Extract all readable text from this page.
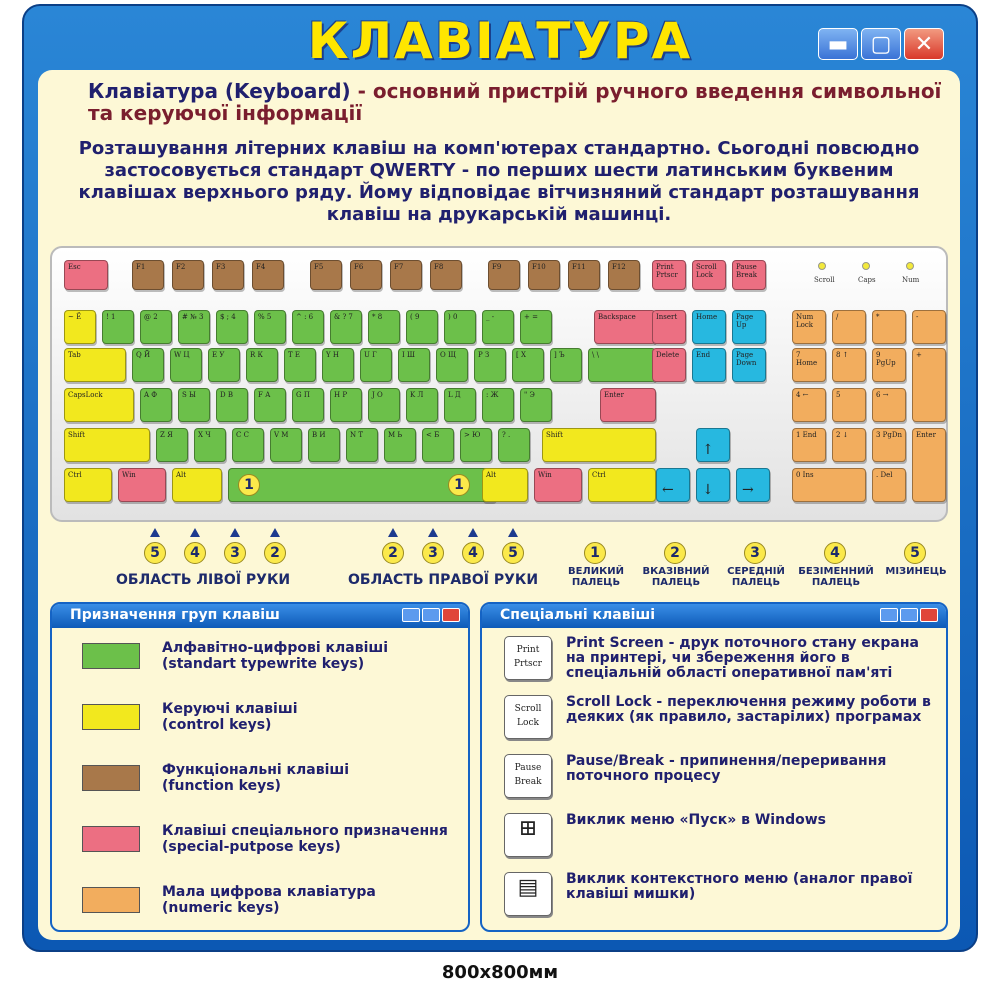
КЛАВІАТУРА	▬	▢	✕
Клавіатура (Keyboard) - основний пристрій ручного введення символьної та керуючої інформації
Розташування літерних клавіш на комп'ютерах стандартно. Сьогодні повсюдно застосовується стандарт QWERTY - по перших шести латинським буквеним клавішах верхнього ряду. Йому відповідає вітчизняний стандарт розташування клавіш на друкарській машинці.
Esc	F1	F2	F3	F4	F5	F6	F7	F8	F9	F10	F11	F12	Print Prtscr
Scroll Lock
Pause Break
Scroll	Caps	Num
~ Ё	! 1	@ 2	# № 3	$ ; 4	% 5	^ : 6	& ? 7	* 8	( 9	) 0	_ -	+ =	Backspace
Tab	Q Й	W Ц	E У	R К	T Е	Y Н	U Г	I Ш	O Щ	P З	[ Х	] Ъ	\ \
CapsLock	A Ф	S Ы	D В	F А	G П	H Р	J О	K Л	L Д	: Ж	" Э	Enter
Shift	Z Я	X Ч	C С	V М	B И	N Т	M Ь	< Б	> Ю	? .	Shift
Ctrl	Win	Alt	Alt	Win	Ctrl
1	1
Insert	Home	Page Up
Delete	End	Page Down
↑
← ↓ →
Num Lock
/	*	-
7 Home
8 ↑	9 PgUp
+
4 ←	5	6 →
1 End	2 ↓	3 PgDn	Enter
0 Ins	. Del
5	4	3	2	2	3	4	5
ОБЛАСТЬ ЛІВОЇ РУКИ	ОБЛАСТЬ ПРАВОЇ РУКИ
1
ВЕЛИКИЙ ПАЛЕЦЬ
2
ВКАЗІВНИЙ ПАЛЕЦЬ
3
СЕРЕДНІЙ ПАЛЕЦЬ
4
БЕЗІМЕННИЙ ПАЛЕЦЬ
5
МІЗИНЕЦЬ
Призначення груп клавіш
Алфавітно-цифрові клавіші
(standart typewrite keys)
Керуючі клавіші
(control keys)
Функціональні клавіші
(function keys)
Клавіші спеціального призначення
(special-putpose keys)
Мала цифрова клавіатура
(numeric keys)
Спеціальні клавіші
Print Prtscr
Print Screen - друк поточного стану екрана на принтері, чи збереження його в спеціальній області оперативної пам'яті
Scroll Lock
Scroll Lock - переключення режиму роботи в деяких (як правило, застарілих) програмах
Pause Break
Pause/Break - припинення/переривання поточного процесу
⊞	Виклик меню «Пуск» в Windows
▤	Виклик контекстного меню (аналог правої клавіші мишки)
800x800мм
